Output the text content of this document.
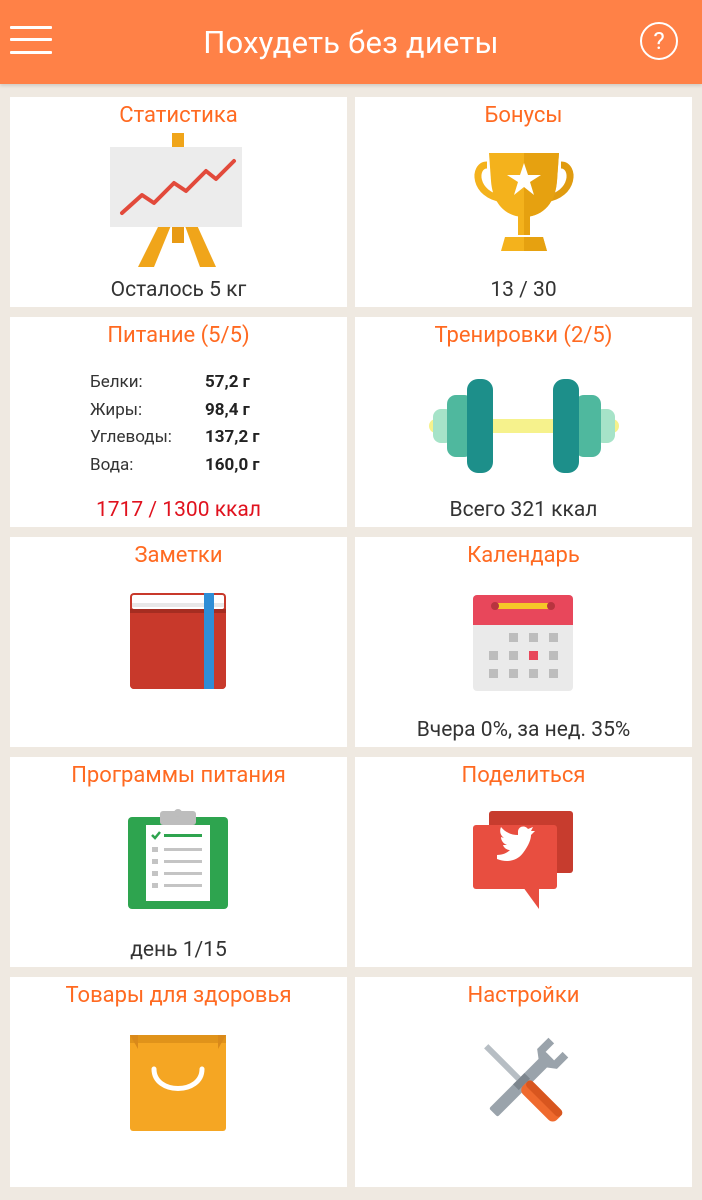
Похудеть без диеты	?
Статистика
Осталось 5 кг
Бонусы
13 / 30
Питание (5/5)
Белки:	57,2 г
Жиры:	98,4 г
Углеводы:	137,2 г
Вода:	160,0 г
1717 / 1300 ккал
Тренировки (2/5)
Всего 321 ккал
Заметки	Календарь
Вчера 0%, за нед. 35%
Программы питания
день 1/15
Поделиться
Товары для здоровья	Настройки
